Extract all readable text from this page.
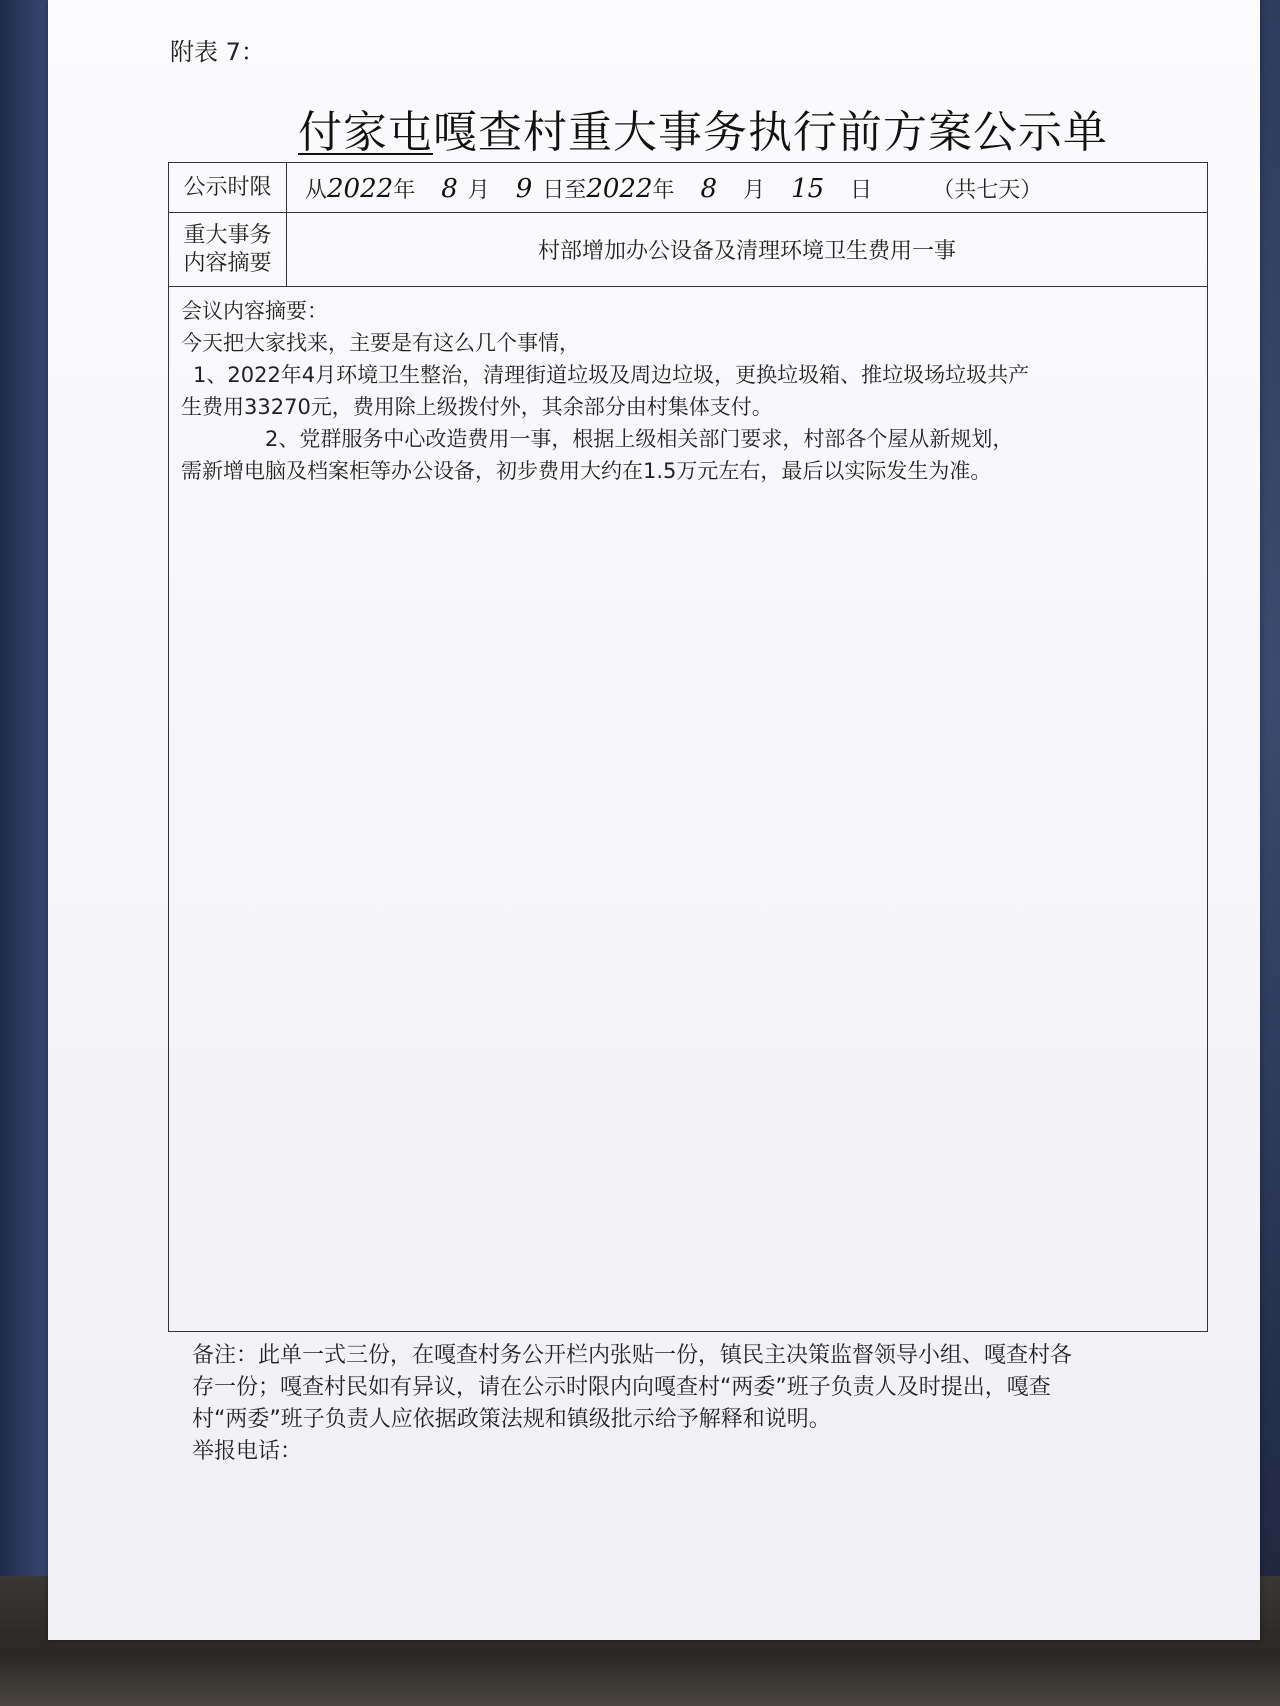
附表 7：
付家屯嘎查村重大事务执行前方案公示单
公示时限	从2022年 8 月 9 日至2022年 8 月 15 日	（共七天）
重大事务
内容摘要	村部增加办公设备及清理环境卫生费用一事

会议内容摘要：

今天把大家找来，主要是有这么几个事情，

1、2022年4月环境卫生整治，清理街道垃圾及周边垃圾，更换垃圾箱、推垃圾场垃圾共产

生费用33270元，费用除上级拨付外，其余部分由村集体支付。

2、党群服务中心改造费用一事，根据上级相关部门要求，村部各个屋从新规划，

需新增电脑及档案柜等办公设备，初步费用大约在1.5万元左右，最后以实际发生为准。

备注：此单一式三份，在嘎查村务公开栏内张贴一份，镇民主决策监督领导小组、嘎查村各

存一份；嘎查村民如有异议，请在公示时限内向嘎查村“两委”班子负责人及时提出，嘎查

村“两委”班子负责人应依据政策法规和镇级批示给予解释和说明。

举报电话：
